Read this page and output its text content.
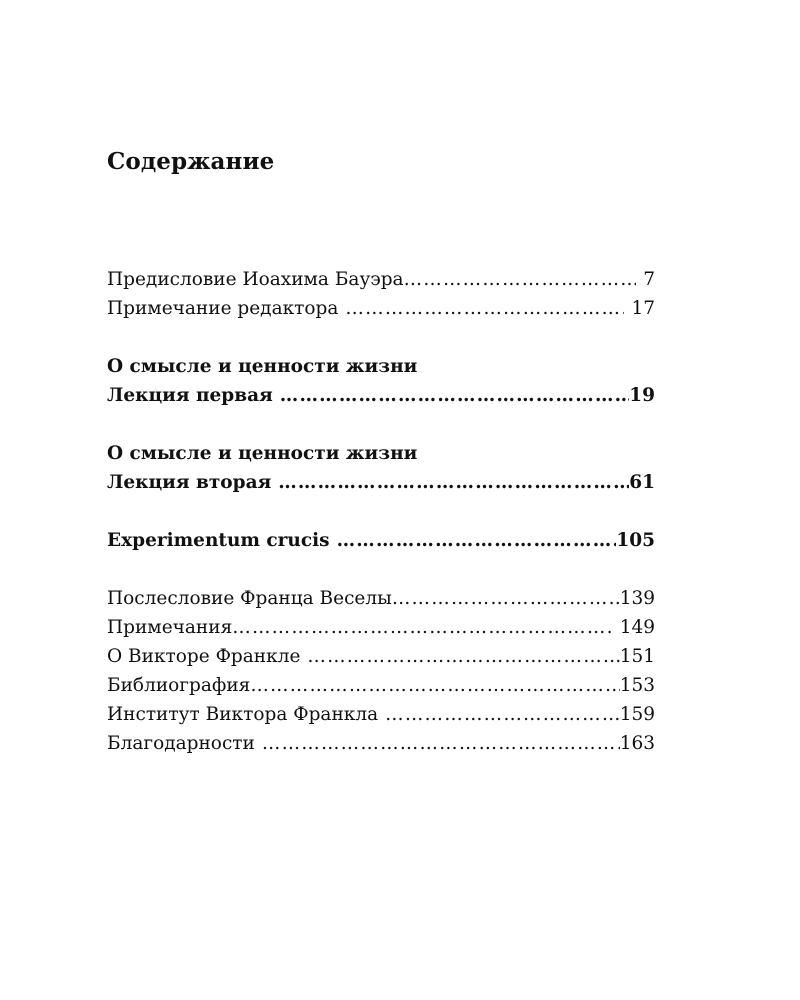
Содержание
Предисловие Иоахима Бауэра ……………………………………………………………………………………………………………………………………	7
Примечание редактора ……………………………………………………………………………………………………………………………………	17
О смысле и ценности жизни
Лекция первая ……………………………………………………………………………………………………………………………………	19
О смысле и ценности жизни
Лекция вторая ……………………………………………………………………………………………………………………………………	61
Experimentum crucis ……………………………………………………………………………………………………………………………………	105
Послесловие Франца Веселы ……………………………………………………………………………………………………………………………………	139
Примечания ……………………………………………………………………………………………………………………………………	149
О Викторе Франкле ……………………………………………………………………………………………………………………………………	151
Библиография ……………………………………………………………………………………………………………………………………	153
Институт Виктора Франкла ……………………………………………………………………………………………………………………………………	159
Благодарности ……………………………………………………………………………………………………………………………………	163
